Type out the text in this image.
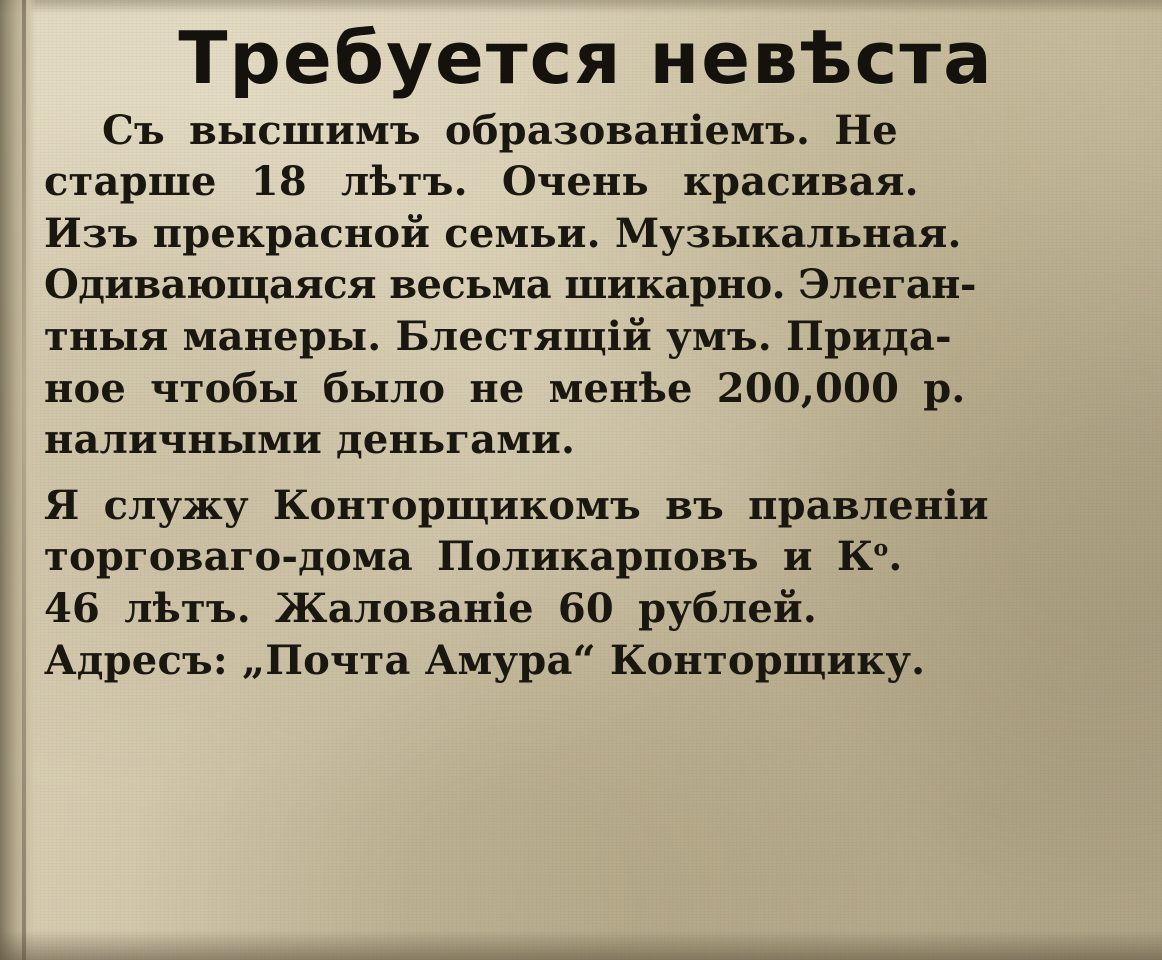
Требуется невѣста

Съ высшимъ образованіемъ. Не

старше 18 лѣтъ. Очень красивая.

Изъ прекрасной семьи. Музыкальная.

Одивающаяся весьма шикарно. Элеган-

тныя манеры. Блестящій умъ. Прида-

ное чтобы было не менѣе 200,000 р.

наличными деньгами.

Я служу Конторщикомъ въ правленіи

торговаго-дома Поликарповъ и $К^о$.

46 лѣтъ. Жалованіе 60 рублей.

Адресъ: „Почта Амура“ Конторщику.
